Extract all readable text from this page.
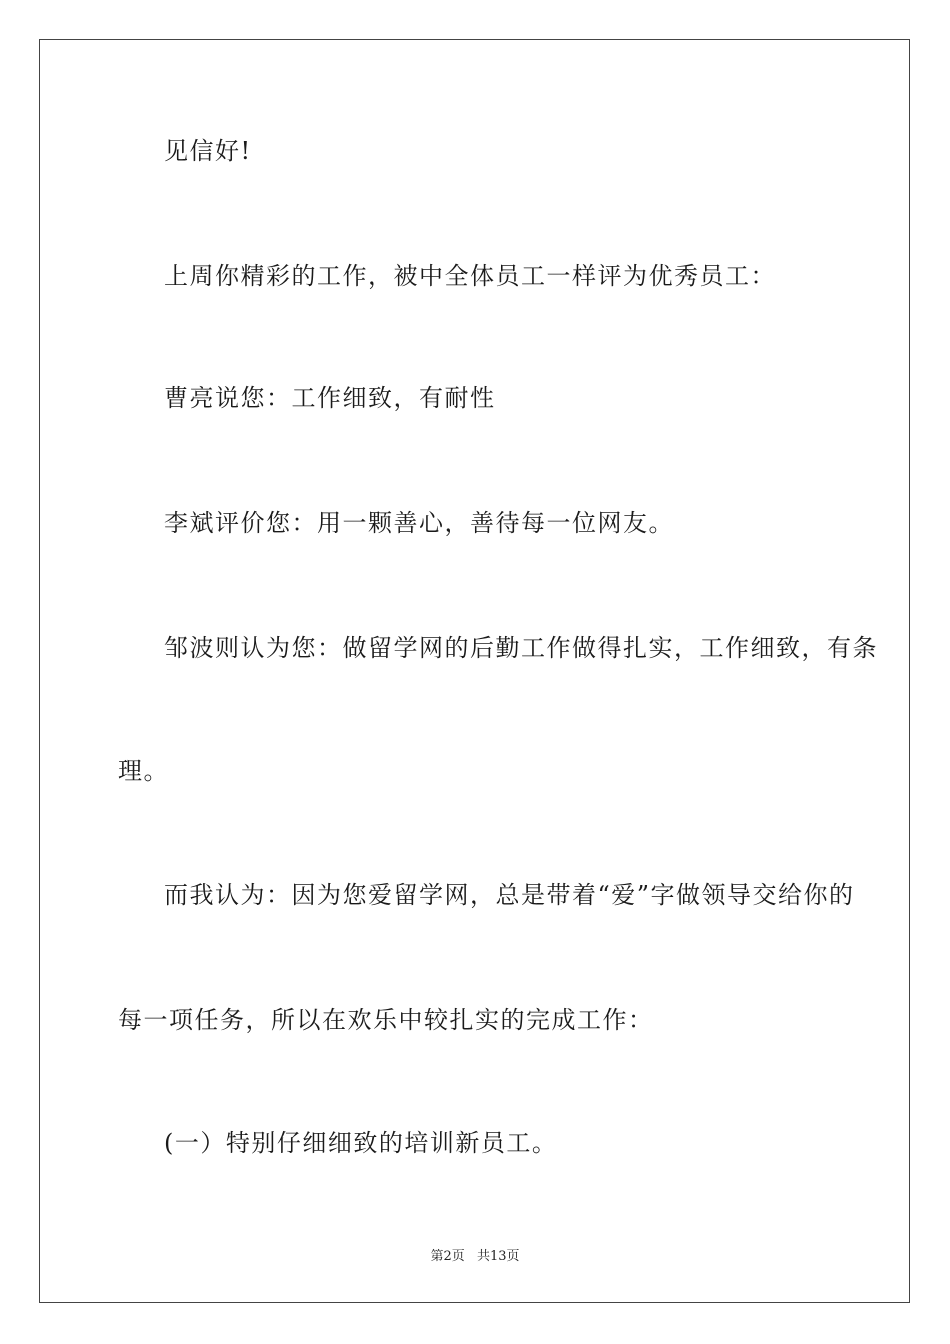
见信好!
上周你精彩的工作，被中全体员工一样评为优秀员工：
曹亮说您：工作细致，有耐性
李斌评价您：用一颗善心，善待每一位网友。
邹波则认为您：做留学网的后勤工作做得扎实，工作细致，有条
理。
而我认为：因为您爱留学网，总是带着“爱”字做领导交给你的
每一项任务，所以在欢乐中较扎实的完成工作：
(一）特别仔细细致的培训新员工。
第2页 共13页
